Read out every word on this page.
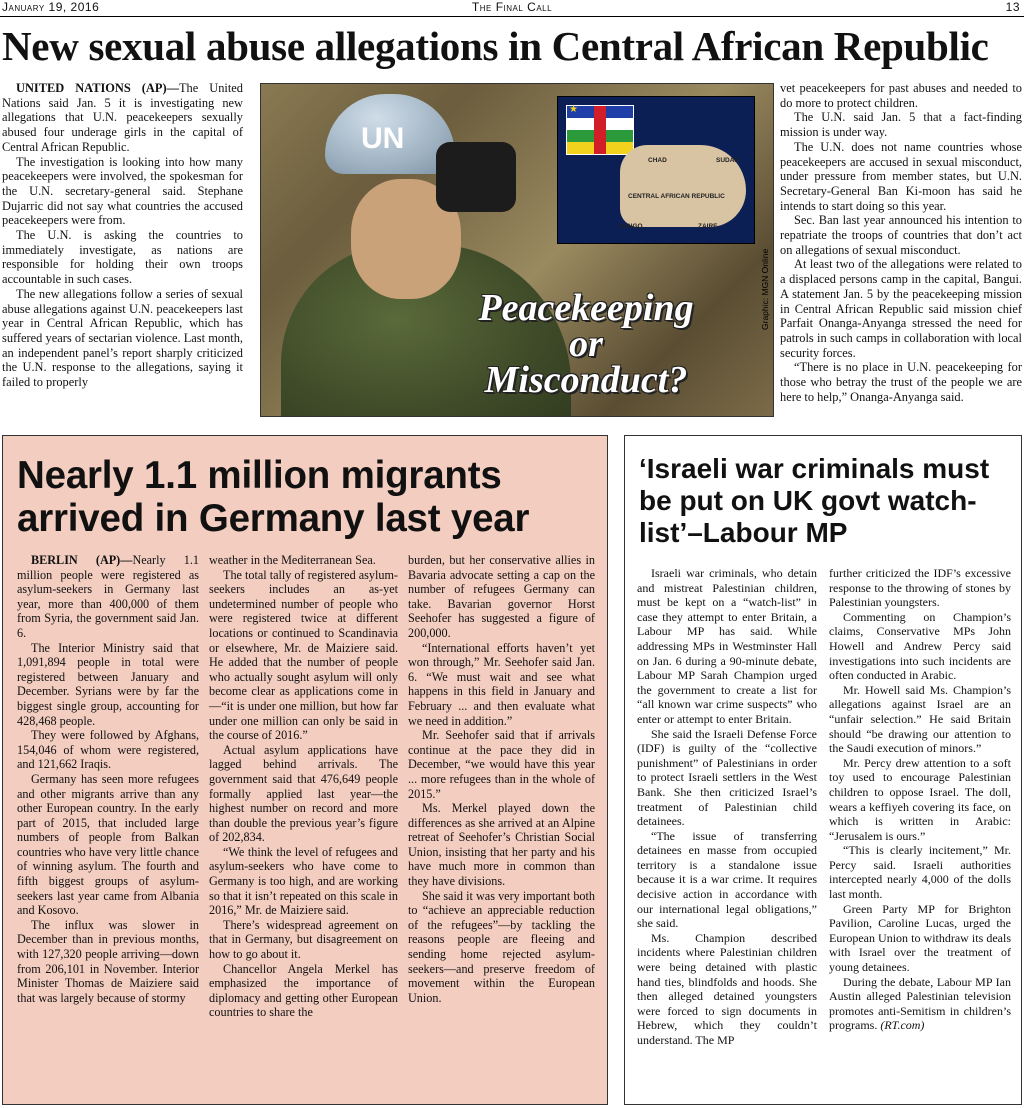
January 19, 2016	The Final Call	13
New sexual abuse allegations in Central African Republic

UNITED NATIONS (AP)—The United Nations said Jan. 5 it is investigating new allegations that U.N. peacekeepers sexually abused four underage girls in the capital of Central African Republic.

The investigation is looking into how many peacekeepers were involved, the spokesman for the U.N. secretary-general said. Stephane Dujarric did not say what countries the accused peacekeepers were from.

The U.N. is asking the countries to immediately investigate, as nations are responsible for holding their own troops accountable in such cases.

The new allegations follow a series of sexual abuse allegations against U.N. peacekeepers last year in Central African Republic, which has suffered years of sectarian violence. Last month, an independent panel’s report sharply criticized the U.N. response to the allegations, saying it failed to properly

UN
★
CHAD	SUDAN
CENTRAL AFRICAN REPUBLIC
CONGO	ZAIRE
Peacekeeping
or
Misconduct?
Graphic: MGN Online

vet peacekeepers for past abuses and needed to do more to protect children.

The U.N. said Jan. 5 that a fact-finding mission is under way.

The U.N. does not name countries whose peacekeepers are accused in sexual misconduct, under pressure from member states, but U.N. Secretary-General Ban Ki-moon has said he intends to start doing so this year.

Sec. Ban last year announced his intention to repatriate the troops of countries that don’t act on allegations of sexual misconduct.

At least two of the allegations were related to a displaced persons camp in the capital, Bangui. A statement Jan. 5 by the peacekeeping mission in Central African Republic said mission chief Parfait Onanga-Anyanga stressed the need for patrols in such camps in collaboration with local security forces.

“There is no place in U.N. peacekeeping for those who betray the trust of the people we are here to help,” Onanga-Anyanga said.

Nearly 1.1 million migrants arrived in Germany last year

BERLIN (AP)—Nearly 1.1 million people were registered as asylum-seekers in Germany last year, more than 400,000 of them from Syria, the government said Jan. 6.

The Interior Ministry said that 1,091,894 people in total were registered between January and December. Syrians were by far the biggest single group, accounting for 428,468 people.

They were followed by Afghans, 154,046 of whom were registered, and 121,662 Iraqis.

Germany has seen more refugees and other migrants arrive than any other European country. In the early part of 2015, that included large numbers of people from Balkan countries who have very little chance of winning asylum. The fourth and fifth biggest groups of asylum-seekers last year came from Albania and Kosovo.

The influx was slower in December than in previous months, with 127,320 people arriving—down from 206,101 in November. Interior Minister Thomas de Maiziere said that was largely because of stormy

weather in the Mediterranean Sea.

The total tally of registered asylum-seekers includes an as-yet undetermined number of people who were registered twice at different locations or continued to Scandinavia or elsewhere, Mr. de Maiziere said. He added that the number of people who actually sought asylum will only become clear as applications come in—“it is under one million, but how far under one million can only be said in the course of 2016.”

Actual asylum applications have lagged behind arrivals. The government said that 476,649 people formally applied last year—the highest number on record and more than double the previous year’s figure of 202,834.

“We think the level of refugees and asylum-seekers who have come to Germany is too high, and are working so that it isn’t repeated on this scale in 2016,” Mr. de Maiziere said.

There’s widespread agreement on that in Germany, but disagreement on how to go about it.

Chancellor Angela Merkel has emphasized the importance of diplomacy and getting other European countries to share the

burden, but her conservative allies in Bavaria advocate setting a cap on the number of refugees Germany can take. Bavarian governor Horst Seehofer has suggested a figure of 200,000.

“International efforts haven’t yet won through,” Mr. Seehofer said Jan. 6. “We must wait and see what happens in this field in January and February ... and then evaluate what we need in addition.”

Mr. Seehofer said that if arrivals continue at the pace they did in December, “we would have this year ... more refugees than in the whole of 2015.”

Ms. Merkel played down the differences as she arrived at an Alpine retreat of Seehofer’s Christian Social Union, insisting that her party and his have much more in common than they have divisions.

She said it was very important both to “achieve an appreciable reduction of the refugees”—by tackling the reasons people are fleeing and sending home rejected asylum-seekers—and preserve freedom of movement within the European Union.

‘Israeli war criminals must be put on UK govt watch-list’–Labour MP

Israeli war criminals, who detain and mistreat Palestinian children, must be kept on a “watch-list” in case they attempt to enter Britain, a Labour MP has said. While addressing MPs in Westminster Hall on Jan. 6 during a 90-minute debate, Labour MP Sarah Champion urged the government to create a list for “all known war crime suspects” who enter or attempt to enter Britain.

She said the Israeli Defense Force (IDF) is guilty of the “collective punishment” of Palestinians in order to protect Israeli settlers in the West Bank. She then criticized Israel’s treatment of Palestinian child detainees.

“The issue of transferring detainees en masse from occupied territory is a standalone issue because it is a war crime. It requires decisive action in accordance with our international legal obligations,” she said.

Ms. Champion described incidents where Palestinian children were being detained with plastic hand ties, blindfolds and hoods. She then alleged detained youngsters were forced to sign documents in Hebrew, which they couldn’t understand. The MP

further criticized the IDF’s excessive response to the throwing of stones by Palestinian youngsters.

Commenting on Champion’s claims, Conservative MPs John Howell and Andrew Percy said investigations into such incidents are often conducted in Arabic.

Mr. Howell said Ms. Champion’s allegations against Israel are an “unfair selection.” He said Britain should “be drawing our attention to the Saudi execution of minors.”

Mr. Percy drew attention to a soft toy used to encourage Palestinian children to oppose Israel. The doll, wears a keffiyeh covering its face, on which is written in Arabic: “Jerusalem is ours.”

“This is clearly incitement,” Mr. Percy said. Israeli authorities intercepted nearly 4,000 of the dolls last month.

Green Party MP for Brighton Pavilion, Caroline Lucas, urged the European Union to withdraw its deals with Israel over the treatment of young detainees.

During the debate, Labour MP Ian Austin alleged Palestinian television promotes anti-Semitism in children’s programs. (RT.com)
